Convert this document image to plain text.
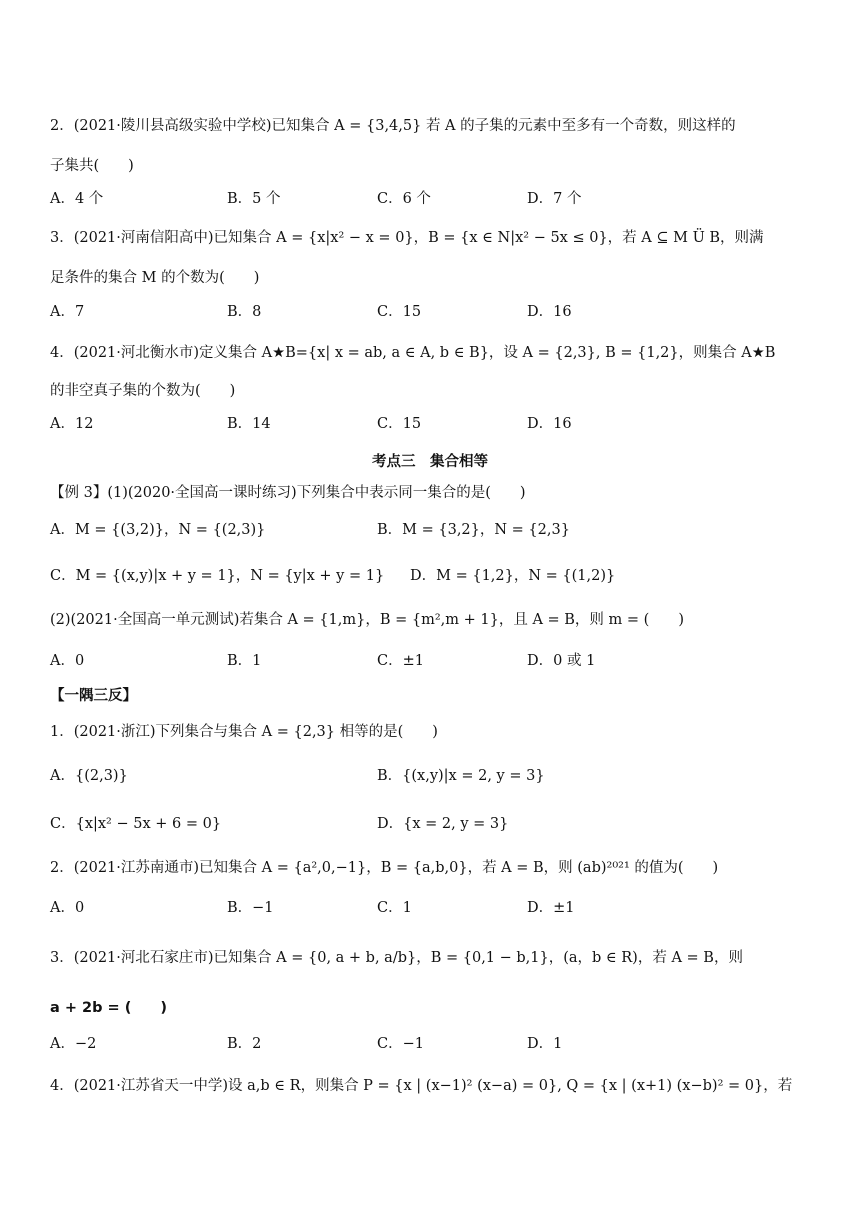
2．(2021·陵川县高级实验中学校)已知集合 A = {3,4,5} 若 A 的子集的元素中至多有一个奇数，则这样的
子集共(　　)
A．4 个	B．5 个	C．6 个	D．7 个
3．(2021·河南信阳高中)已知集合 A = {x|x² − x = 0}，B = {x ∈ N|x² − 5x ≤ 0}，若 A ⊆ M Ü B，则满
足条件的集合 M 的个数为(　　)
A．7	B．8	C．15	D．16
4．(2021·河北衡水市)定义集合 A★B={x| x = ab, a ∈ A, b ∈ B}，设 A = {2,3}, B = {1,2}，则集合 A★B
的非空真子集的个数为(　　)
A．12	B．14	C．15	D．16
考点三　集合相等
【例 3】(1)(2020·全国高一课时练习)下列集合中表示同一集合的是(　　)
A．M = {(3,2)}，N = {(2,3)}	B．M = {3,2}，N = {2,3}
C．M = {(x,y)|x + y = 1}，N = {y|x + y = 1} D．M = {1,2}，N = {(1,2)}
(2)(2021·全国高一单元测试)若集合 A = {1,m}，B = {m²,m + 1}，且 A = B，则 m = (　　)
A．0	B．1	C．±1	D．0 或 1
【一隅三反】
1．(2021·浙江)下列集合与集合 A = {2,3} 相等的是(　　)
A．{(2,3)}	B．{(x,y)|x = 2, y = 3}
C．{x|x² − 5x + 6 = 0}	D．{x = 2, y = 3}
2．(2021·江苏南通市)已知集合 A = {a²,0,−1}，B = {a,b,0}，若 A = B，则 (ab)²⁰²¹ 的值为(　　)
A．0	B．−1	C．1	D．±1
3．(2021·河北石家庄市)已知集合 A = {0, a + b, a/b}，B = {0,1 − b,1}，(a，b ∈ R)，若 A = B，则
a + 2b = (　　)
A．−2	B．2	C．−1	D．1
4．(2021·江苏省天一中学)设 a,b ∈ R，则集合 P = {x | (x−1)² (x−a) = 0}, Q = {x | (x+1) (x−b)² = 0}，若
